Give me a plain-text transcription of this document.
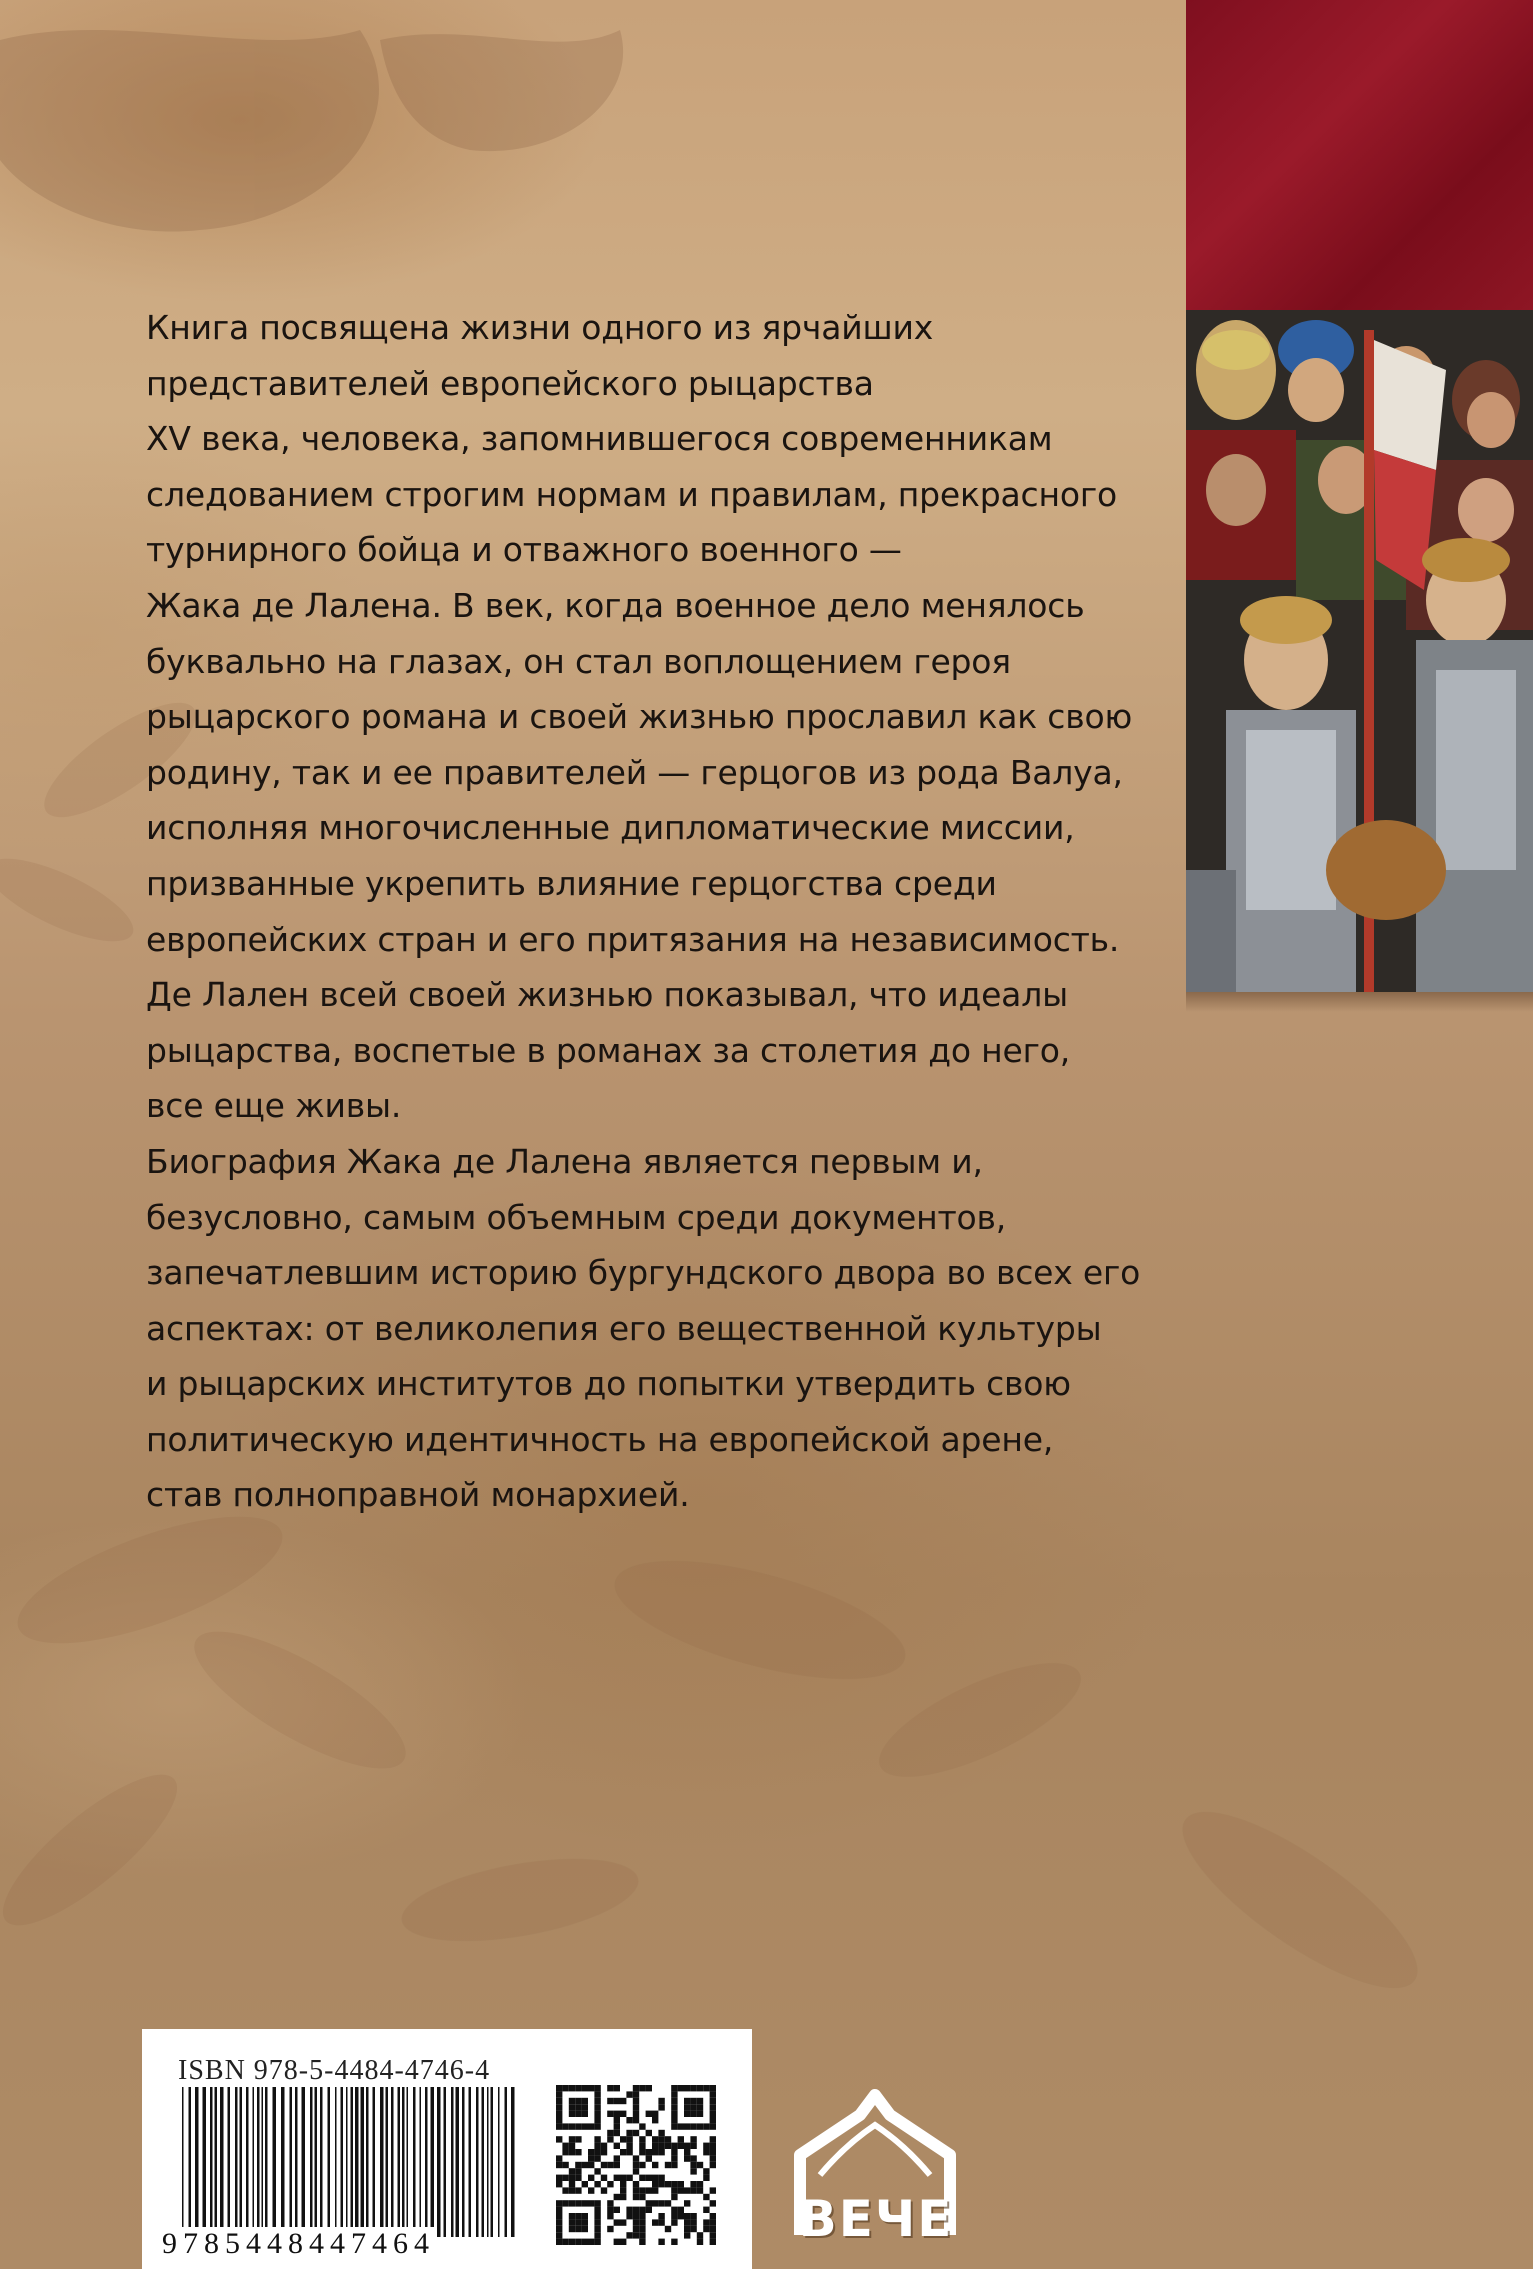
Книга посвящена жизни одного из ярчайших
представителей европейского рыцарства
XV века, человека, запомнившегося современникам
следованием строгим нормам и правилам, прекрасного
турнирного бойца и отважного военного —
Жака де Лалена. В век, когда военное дело менялось
буквально на глазах, он стал воплощением героя
рыцарского романа и своей жизнью прославил как свою
родину, так и ее правителей — герцогов из рода Валуа,
исполняя многочисленные дипломатические миссии,
призванные укрепить влияние герцогства среди
европейских стран и его притязания на независимость.
Де Лален всей своей жизнью показывал, что идеалы
рыцарства, воспетые в романах за столетия до него,
все еще живы.
Биография Жака де Лалена является первым и,
безусловно, самым объемным среди документов,
запечатлевшим историю бургундского двора во всех его
аспектах: от великолепия его вещественной культуры
и рыцарских институтов до попытки утвердить свою
политическую идентичность на европейской арене,
став полноправной монархией.
ISBN 978-5-4484-4746-4
9785448447464	ВЕЧЕ
